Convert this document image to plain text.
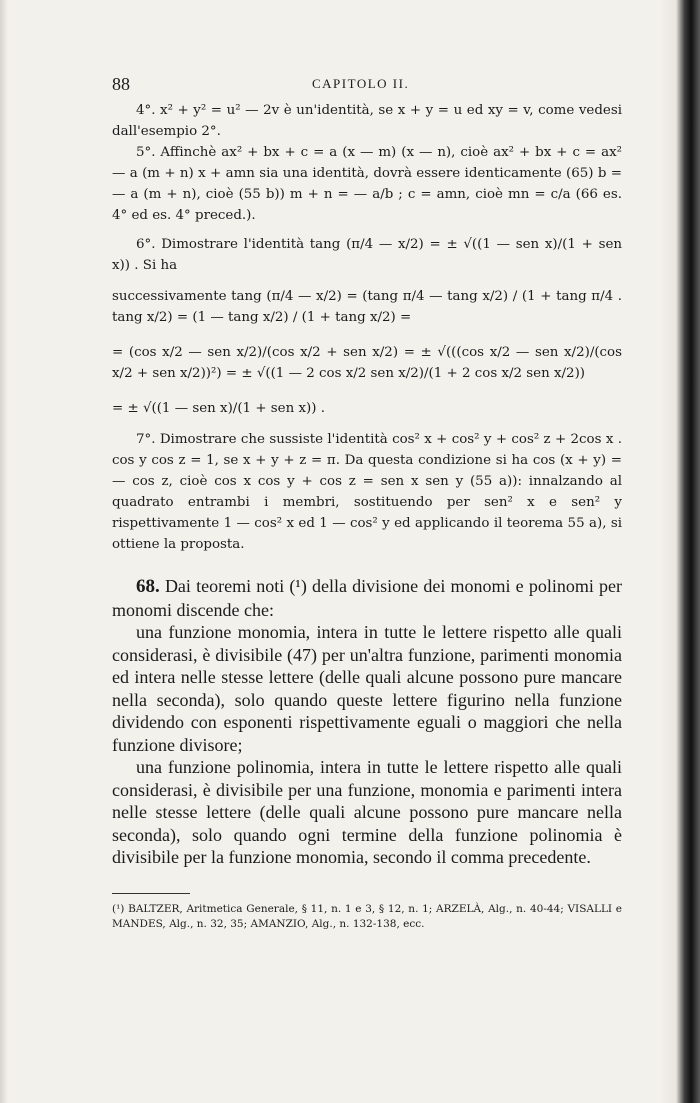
88	CAPITOLO II.

4°. x² + y² = u² — 2v è un'identità, se x + y = u ed xy = v, come vedesi dall'esempio 2°.

5°. Affinchè ax² + bx + c = a (x — m) (x — n), cioè ax² + bx + c = ax² — a (m + n) x + amn sia una identità, dovrà essere identicamente (65) b = — a (m + n), cioè (55 b)) m + n = — a/b ; c = amn, cioè mn = c/a (66 es. 4° ed es. 4° preced.).

6°. Dimostrare l'identità tang (π/4 — x/2) = ± √((1 — sen x)/(1 + sen x)) . Si ha

successivamente tang (π/4 — x/2) = (tang π/4 — tang x/2) / (1 + tang π/4 . tang x/2) = (1 — tang x/2) / (1 + tang x/2) =

= (cos x/2 — sen x/2)/(cos x/2 + sen x/2) = ± √(((cos x/2 — sen x/2)/(cos x/2 + sen x/2))²) = ± √((1 — 2 cos x/2 sen x/2)/(1 + 2 cos x/2 sen x/2))

= ± √((1 — sen x)/(1 + sen x)) .

7°. Dimostrare che sussiste l'identità cos² x + cos² y + cos² z + 2cos x . cos y cos z = 1, se x + y + z = π. Da questa condizione si ha cos (x + y) = — cos z, cioè cos x cos y + cos z = sen x sen y (55 a)): innalzando al quadrato entrambi i membri, sostituendo per sen² x e sen² y rispettivamente 1 — cos² x ed 1 — cos² y ed applicando il teorema 55 a), si ottiene la proposta.

68. Dai teoremi noti (¹) della divisione dei monomi e polinomi per monomi discende che:

una funzione monomia, intera in tutte le lettere rispetto alle quali considerasi, è divisibile (47) per un'altra funzione, parimenti monomia ed intera nelle stesse lettere (delle quali alcune possono pure mancare nella seconda), solo quando queste lettere figurino nella funzione dividendo con esponenti rispettivamente eguali o maggiori che nella funzione divisore;

una funzione polinomia, intera in tutte le lettere rispetto alle quali considerasi, è divisibile per una funzione, monomia e parimenti intera nelle stesse lettere (delle quali alcune possono pure mancare nella seconda), solo quando ogni termine della funzione polinomia è divisibile per la funzione monomia, secondo il comma precedente.

(¹) BALTZER, Aritmetica Generale, § 11, n. 1 e 3, § 12, n. 1; ARZELÀ, Alg., n. 40-44; VISALLI e MANDES, Alg., n. 32, 35; AMANZIO, Alg., n. 132-138, ecc.
